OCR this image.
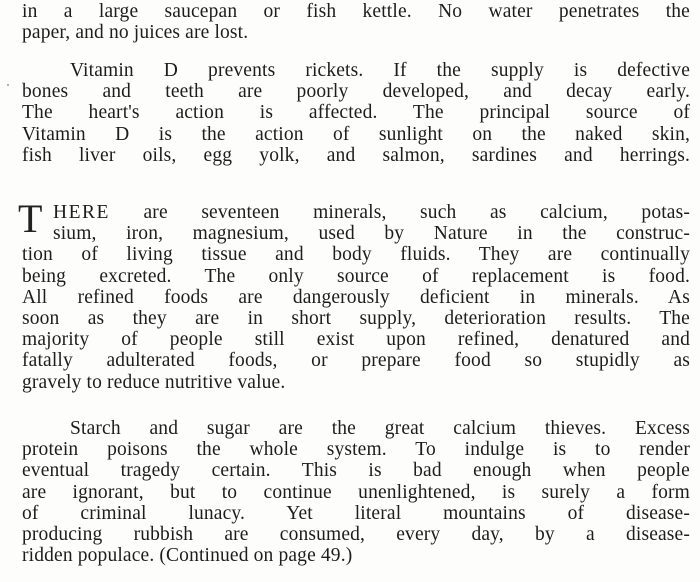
in a large saucepan or fish kettle. No water penetrates the
paper, and no juices are lost.
Vitamin D prevents rickets. If the supply is defective
bones and teeth are poorly developed, and decay early.
The heart's action is affected. The principal source of
Vitamin D is the action of sunlight on the naked skin,
fish liver oils, egg yolk, and salmon, sardines and herrings.
T HERE are seventeen minerals, such as calcium, potas-
sium, iron, magnesium, used by Nature in the construc-
tion of living tissue and body fluids. They are continually
being excreted. The only source of replacement is food.
All refined foods are dangerously deficient in minerals. As
soon as they are in short supply, deterioration results. The
majority of people still exist upon refined, denatured and
fatally adulterated foods, or prepare food so stupidly as
gravely to reduce nutritive value.
Starch and sugar are the great calcium thieves. Excess
protein poisons the whole system. To indulge is to render
eventual tragedy certain. This is bad enough when people
are ignorant, but to continue unenlightened, is surely a form
of criminal lunacy. Yet literal mountains of disease-
producing rubbish are consumed, every day, by a disease-
ridden populace. (Continued on page 49.)
